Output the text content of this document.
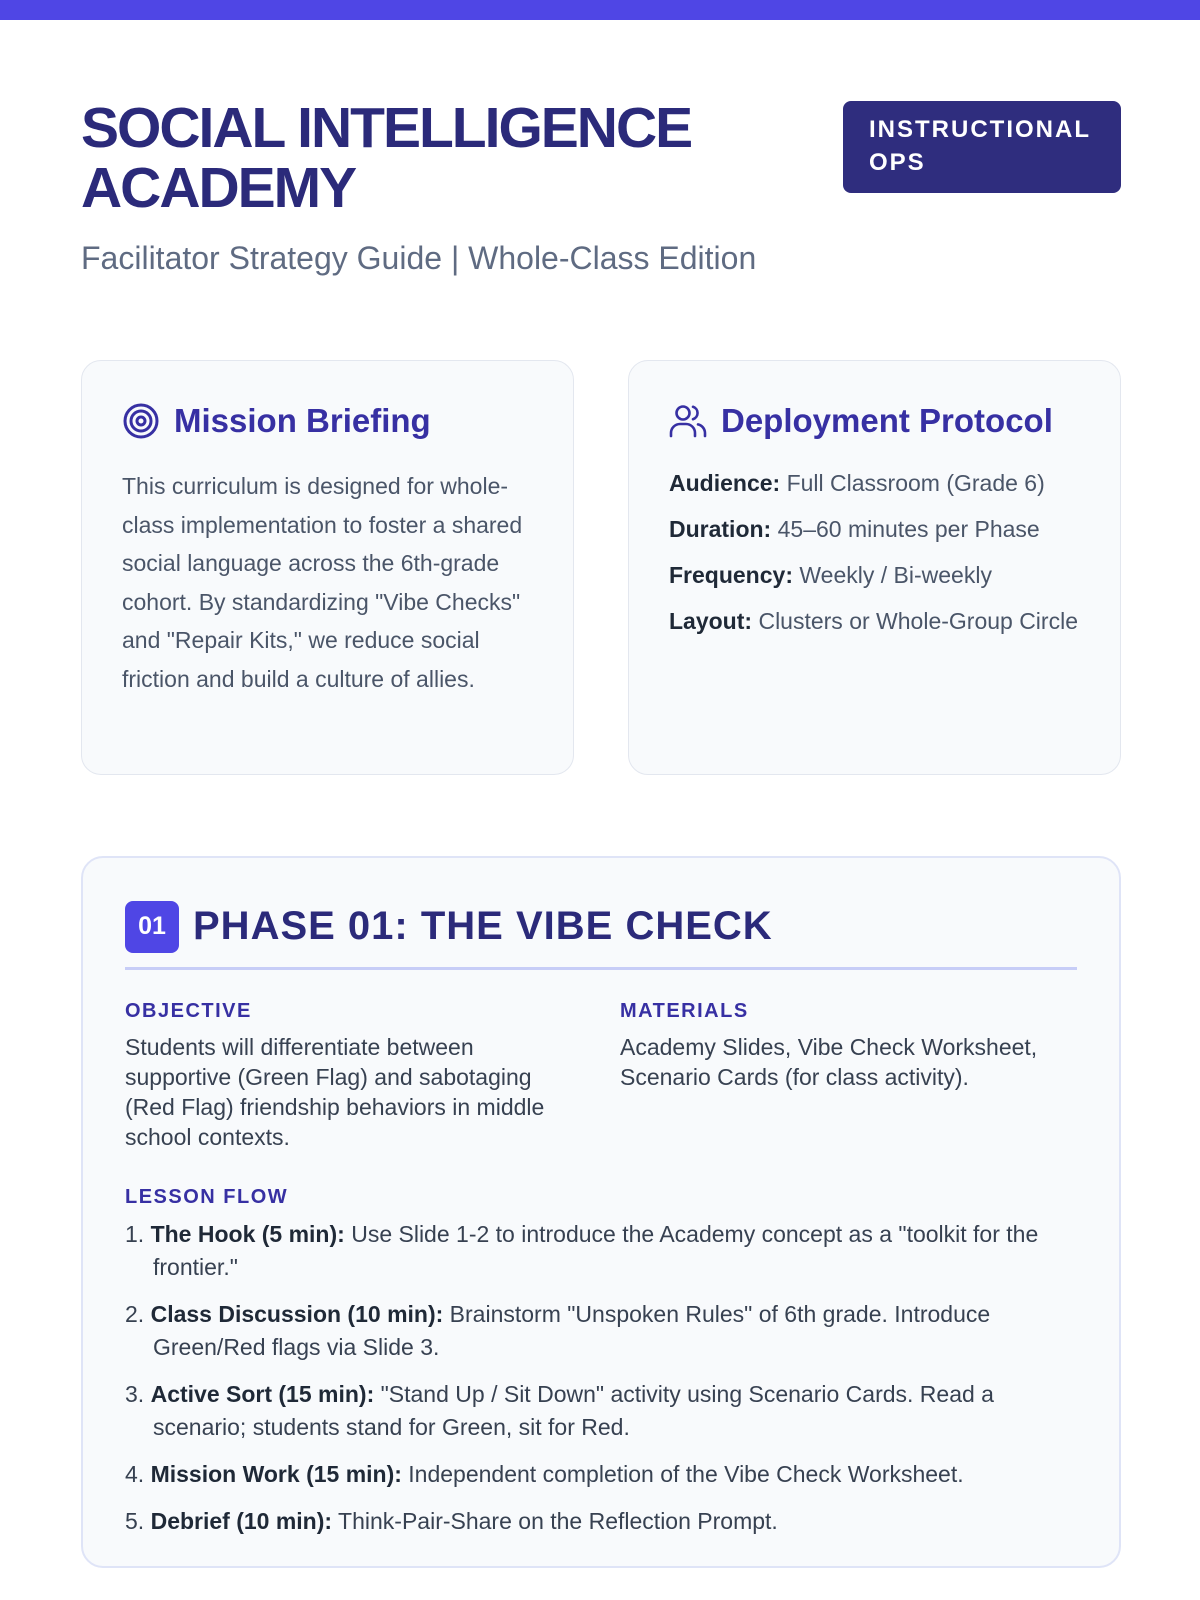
SOCIAL INTELLIGENCE ACADEMY
Facilitator Strategy Guide | Whole-Class Edition
INSTRUCTIONAL
OPS
Mission Briefing

This curriculum is designed for whole-class implementation to foster a shared social language across the 6th-grade cohort. By standardizing "Vibe Checks" and "Repair Kits," we reduce social friction and build a culture of allies.

Deployment Protocol
Audience: Full Classroom (Grade 6)
Duration: 45–60 minutes per Phase
Frequency: Weekly / Bi-weekly
Layout: Clusters or Whole-Group Circle
01 PHASE 01: THE VIBE CHECK
OBJECTIVE

Students will differentiate between supportive (Green Flag) and sabotaging (Red Flag) friendship behaviors in middle school contexts.

MATERIALS

Academy Slides, Vibe Check Worksheet, Scenario Cards (for class activity).

LESSON FLOW
1. The Hook (5 min): Use Slide 1-2 to introduce the Academy concept as a "toolkit for the frontier."
2. Class Discussion (10 min): Brainstorm "Unspoken Rules" of 6th grade. Introduce Green/Red flags via Slide 3.
3. Active Sort (15 min): "Stand Up / Sit Down" activity using Scenario Cards. Read a scenario; students stand for Green, sit for Red.
4. Mission Work (15 min): Independent completion of the Vibe Check Worksheet.
5. Debrief (10 min): Think-Pair-Share on the Reflection Prompt.
